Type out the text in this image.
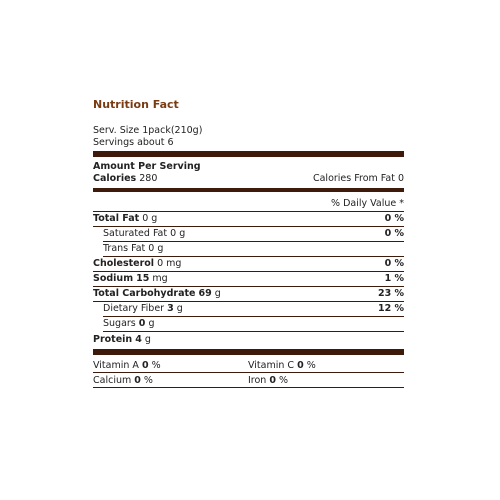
Nutrition Fact
Serv. Size 1pack(210g)
Servings about 6
Amount Per Serving
Calories 280	Calories From Fat 0
% Daily Value *
Total Fat 0 g	0 %
Saturated Fat 0 g	0 %
Trans Fat 0 g
Cholesterol 0 mg	0 %
Sodium 15 mg	1 %
Total Carbohydrate 69 g	23 %
Dietary Fiber 3 g	12 %
Sugars 0 g
Protein 4 g
Vitamin A 0 %	Vitamin C 0 %
Calcium 0 %	Iron 0 %
